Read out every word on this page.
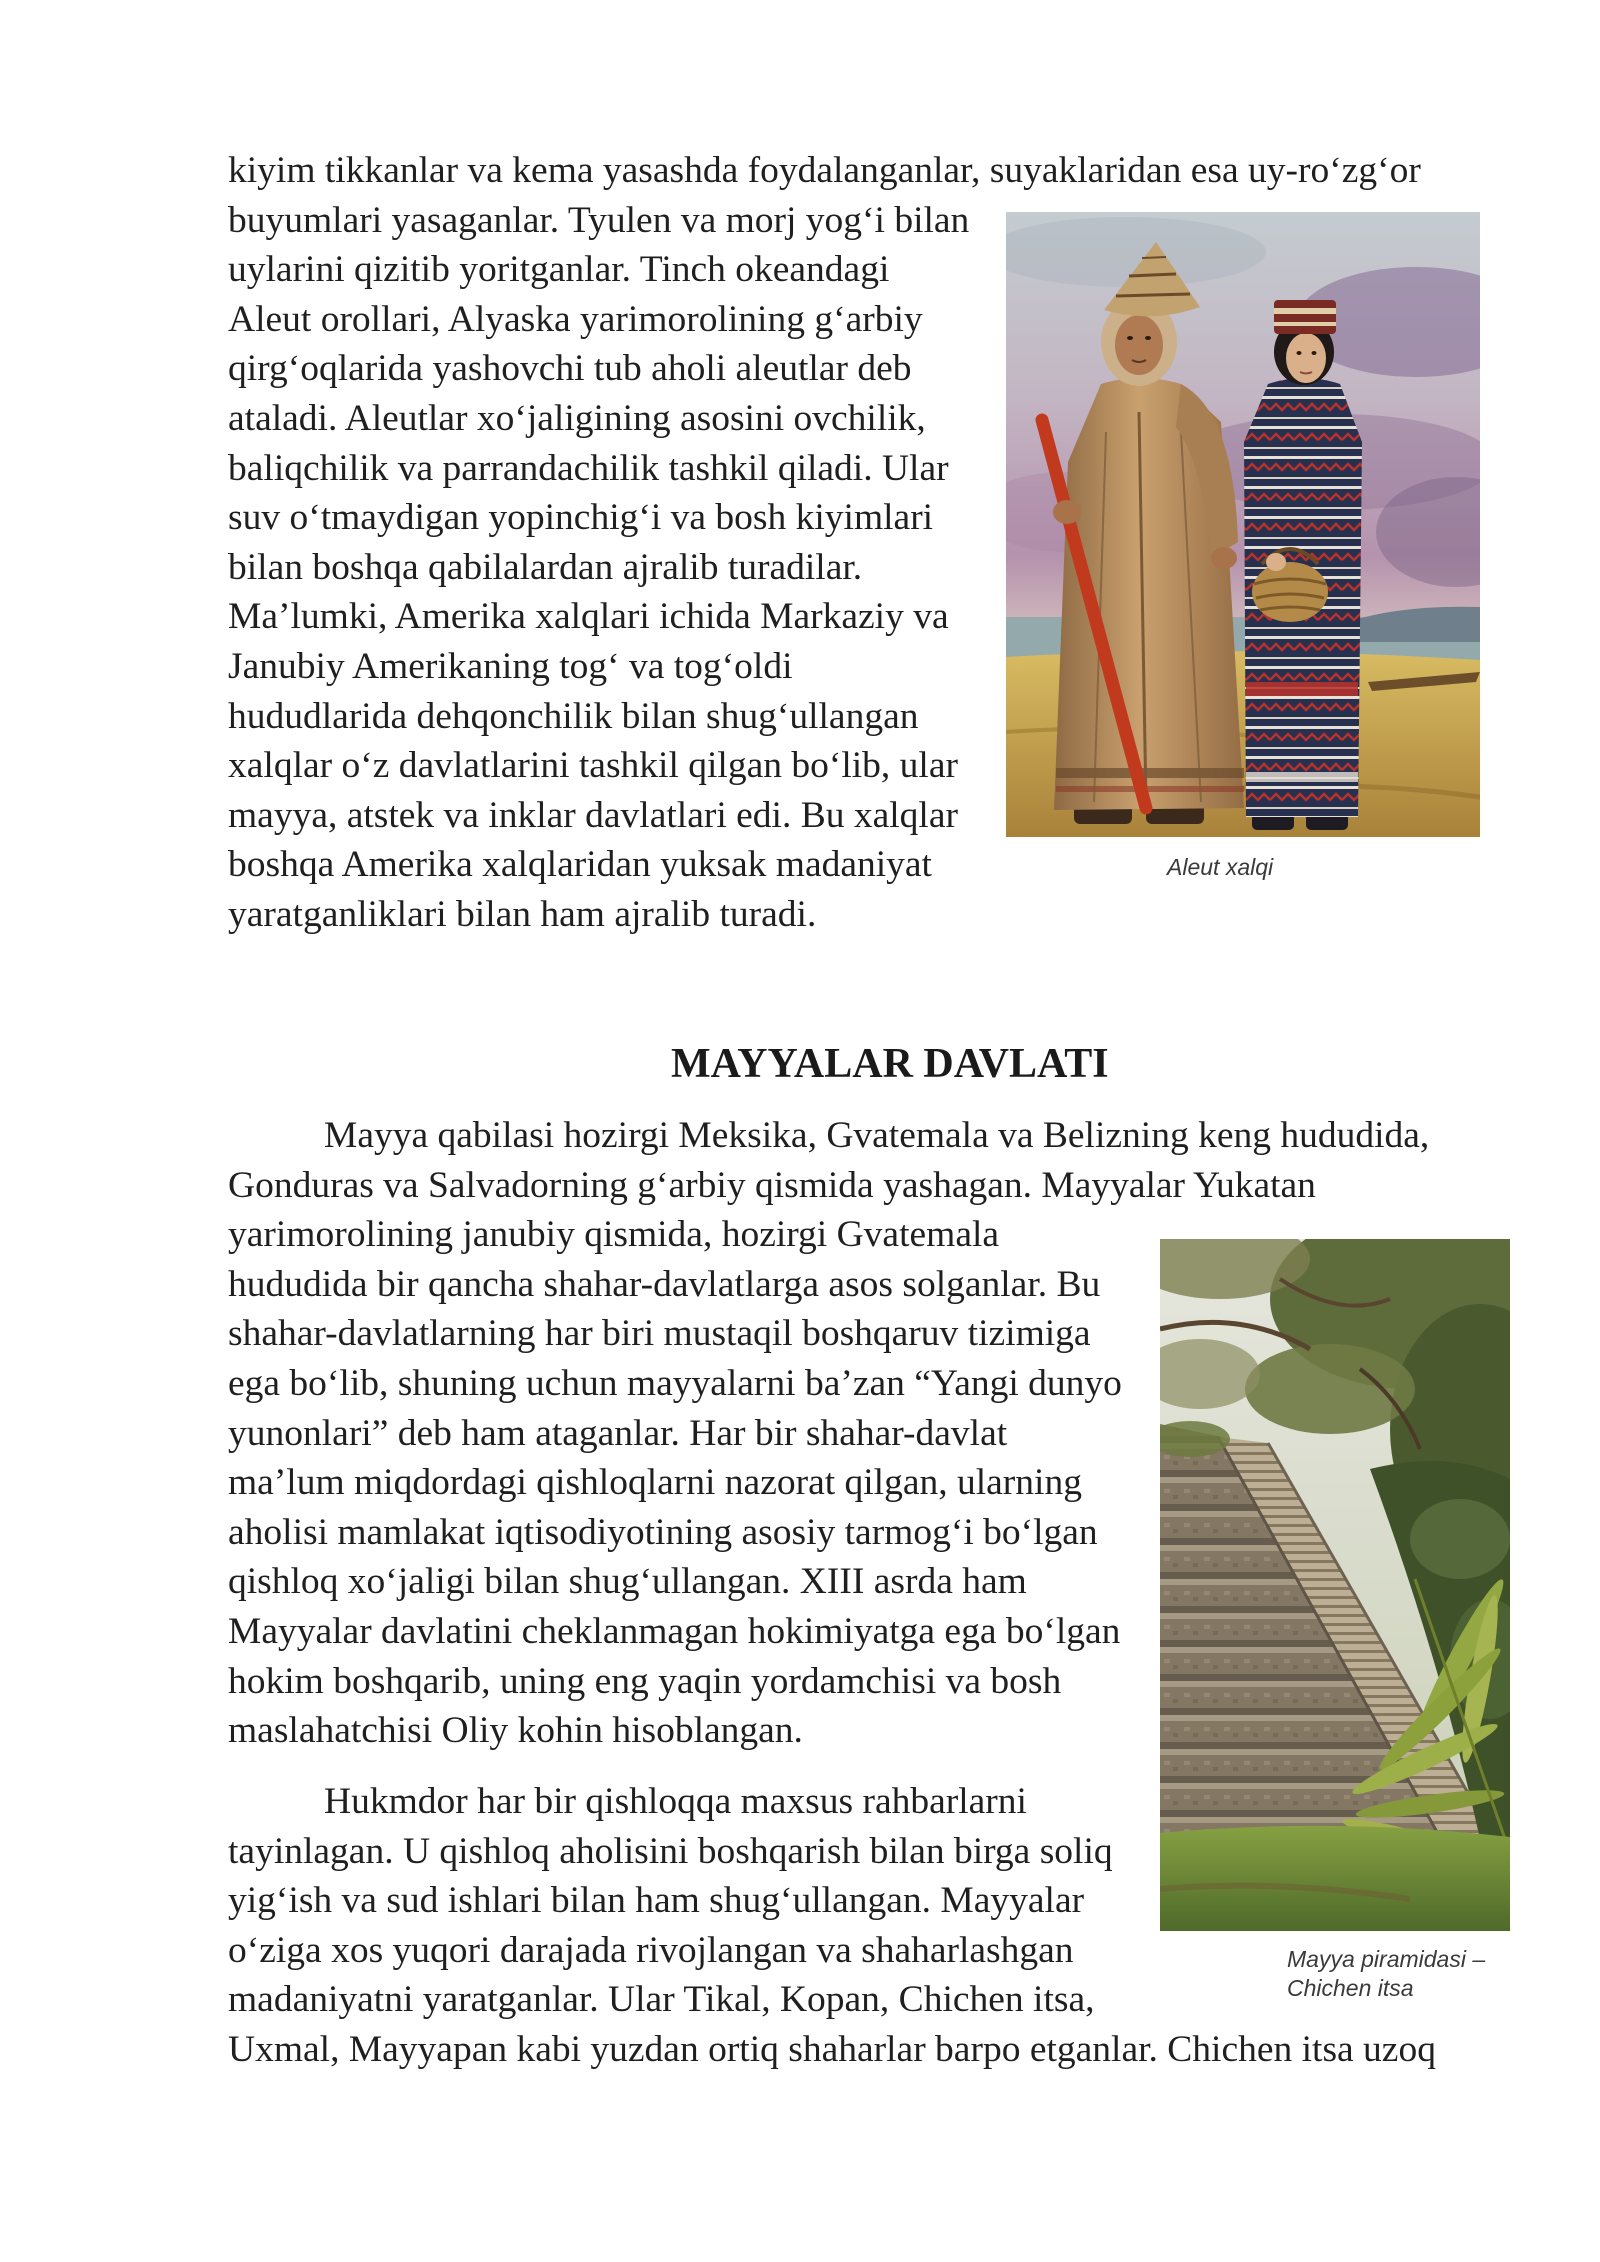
kiyim tikkanlar va kema yasashda foydalanganlar, suyaklaridan esa uy-ro‘zg‘or
buyumlari yasaganlar. Tyulen va morj yog‘i bilan
uylarini qizitib yoritganlar. Tinch okeandagi
Aleut orollari, Alyaska yarimorolining g‘arbiy
qirg‘oqlarida yashovchi tub aholi aleutlar deb
ataladi. Aleutlar xo‘jaligining asosini ovchilik,
baliqchilik va parrandachilik tashkil qiladi. Ular
suv o‘tmaydigan yopinchig‘i va bosh kiyimlari
bilan boshqa qabilalardan ajralib turadilar.
Ma’lumki, Amerika xalqlari ichida Markaziy va
Janubiy Amerikaning tog‘ va tog‘oldi
hududlarida dehqonchilik bilan shug‘ullangan
xalqlar o‘z davlatlarini tashkil qilgan bo‘lib, ular
mayya, atstek va inklar davlatlari edi. Bu xalqlar
boshqa Amerika xalqlaridan yuksak madaniyat
yaratganliklari bilan ham ajralib turadi.
Aleut xalqi
MAYYALAR DAVLATI
Mayya qabilasi hozirgi Meksika, Gvatemala va Belizning keng hududida,
Gonduras va Salvadorning g‘arbiy qismida yashagan. Mayyalar Yukatan
yarimorolining janubiy qismida, hozirgi Gvatemala
hududida bir qancha shahar-davlatlarga asos solganlar. Bu
shahar-davlatlarning har biri mustaqil boshqaruv tizimiga
ega bo‘lib, shuning uchun mayyalarni ba’zan “Yangi dunyo
yunonlari” deb ham ataganlar. Har bir shahar-davlat
ma’lum miqdordagi qishloqlarni nazorat qilgan, ularning
aholisi mamlakat iqtisodiyotining asosiy tarmog‘i bo‘lgan
qishloq xo‘jaligi bilan shug‘ullangan. XIII asrda ham
Mayyalar davlatini cheklanmagan hokimiyatga ega bo‘lgan
hokim boshqarib, uning eng yaqin yordamchisi va bosh
maslahatchisi Oliy kohin hisoblangan.
Hukmdor har bir qishloqqa maxsus rahbarlarni
tayinlagan. U qishloq aholisini boshqarish bilan birga soliq
yig‘ish va sud ishlari bilan ham shug‘ullangan. Mayyalar
o‘ziga xos yuqori darajada rivojlangan va shaharlashgan
madaniyatni yaratganlar. Ular Tikal, Kopan, Chichen itsa,
Uxmal, Mayyapan kabi yuzdan ortiq shaharlar barpo etganlar. Chichen itsa uzoq
Mayya piramidasi –
Chichen itsa
